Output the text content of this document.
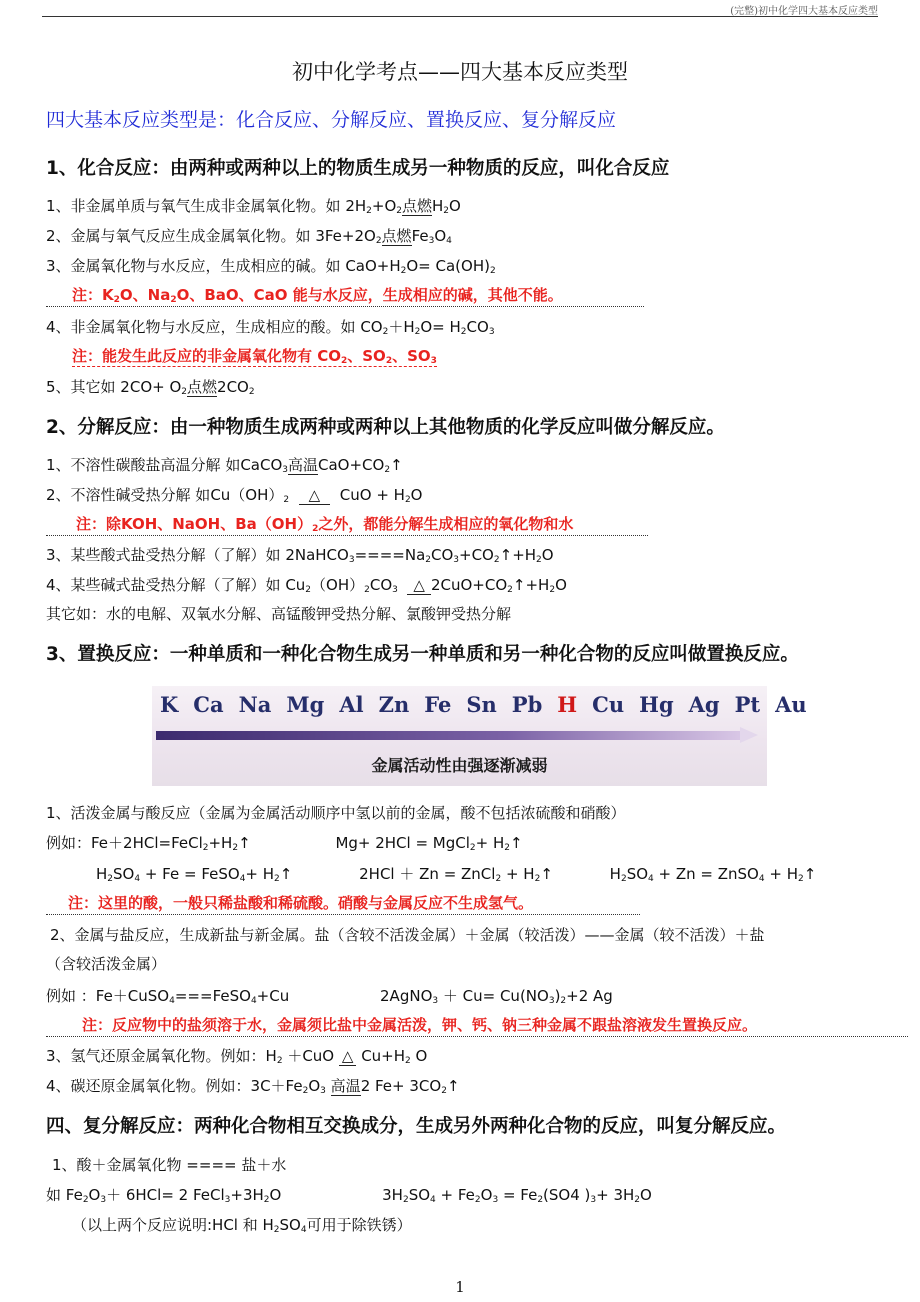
(完整)初中化学四大基本反应类型
初中化学考点——四大基本反应类型
四大基本反应类型是：化合反应、分解反应、置换反应、复分解反应
1、化合反应：由两种或两种以上的物质生成另一种物质的反应，叫化合反应
1、非金属单质与氧气生成非金属氧化物。如 $2H_2+O_2$点燃$H_2O$
2、金属与氧气反应生成金属氧化物。如 $3Fe+2O_2$点燃$Fe_3O_4$
3、金属氧化物与水反应，生成相应的碱。如 $CaO+H_2O= Ca(OH)_2$
注：$K_2O$、$Na_2O$、BaO、CaO 能与水反应，生成相应的碱，其他不能。
4、非金属氧化物与水反应，生成相应的酸。如 $CO_2+H_2O= H_2CO_3$
注：能发生此反应的非金属氧化物有 $CO_2$、$SO_2$、$SO_3$
5、其它如 $2CO+ O_2$点燃$2CO_2$
2、分解反应：由一种物质生成两种或两种以上其他物质的化学反应叫做分解反应。
1、不溶性碳酸盐高温分解 如CaCO$_3$高温$CaO+CO_2↑$
2、不溶性碱受热分解 如$Cu(OH)_2$ △ CuO + $H_2O$
注：除KOH、NaOH、$Ba(OH)_2$之外，都能分解生成相应的氧化物和水
3、某些酸式盐受热分解（了解）如 $2NaHCO_3====Na_2CO_3+CO_2↑+H_2O$
4、某些碱式盐受热分解（了解）如 $Cu_2(OH)_2CO_3$ △ $2CuO+CO_2↑+H_2O$
其它如：水的电解、双氧水分解、高锰酸钾受热分解、氯酸钾受热分解
3、置换反应：一种单质和一种化合物生成另一种单质和另一种化合物的反应叫做置换反应。
K Ca Na Mg Al Zn Fe Sn Pb H Cu Hg Ag Pt Au
金属活动性由强逐渐减弱
1、活泼金属与酸反应（金属为金属活动顺序中氢以前的金属，酸不包括浓硫酸和硝酸）
例如：$Fe+2HCl=FeCl_2+H_2↑$	Mg+ 2HCl = MgCl$_2$+ $H_2↑$
$H_2SO_4 + Fe$ = FeSO$_4$+ $H_2↑$	2HCl ＋ Zn = ZnCl$_2$ + $H_2↑$	$H_2SO_4 + Zn$ = ZnSO$_4$ + $H_2↑$
注：这里的酸，一般只稀盐酸和稀硫酸。硝酸与金属反应不生成氢气。
2、金属与盐反应，生成新盐与新金属。盐（含较不活泼金属）＋金属（较活泼）——金属（较不活泼）＋盐
（含较活泼金属）
例如 ：Fe＋CuSO$_4$===FeSO$_4$+Cu	2AgNO$_3$ ＋ $Cu= Cu(NO_3)_2+2$ Ag
注：反应物中的盐须溶于水，金属须比盐中金属活泼，钾、钙、钠三种金属不跟盐溶液发生置换反应。
3、氢气还原金属氧化物。例如：$H_2 +CuO$ △ $Cu+H_2$ O
4、碳还原金属氧化物。例如：$3C+Fe_2O_3$ 高温2 $Fe+ 3CO_2↑$
四、复分解反应：两种化合物相互交换成分，生成另外两种化合物的反应，叫复分解反应。
1、酸＋金属氧化物 ==== 盐＋水
如 $Fe_2O_3+ 6HCl= 2$ $FeCl_3+3H_2O$	$3H_2SO_4 + Fe_2O_3 = Fe_2(SO4$ )$_3+ 3H_2O$
（以上两个反应说明:HCl 和 $H_2SO_4$可用于除铁锈）
1
